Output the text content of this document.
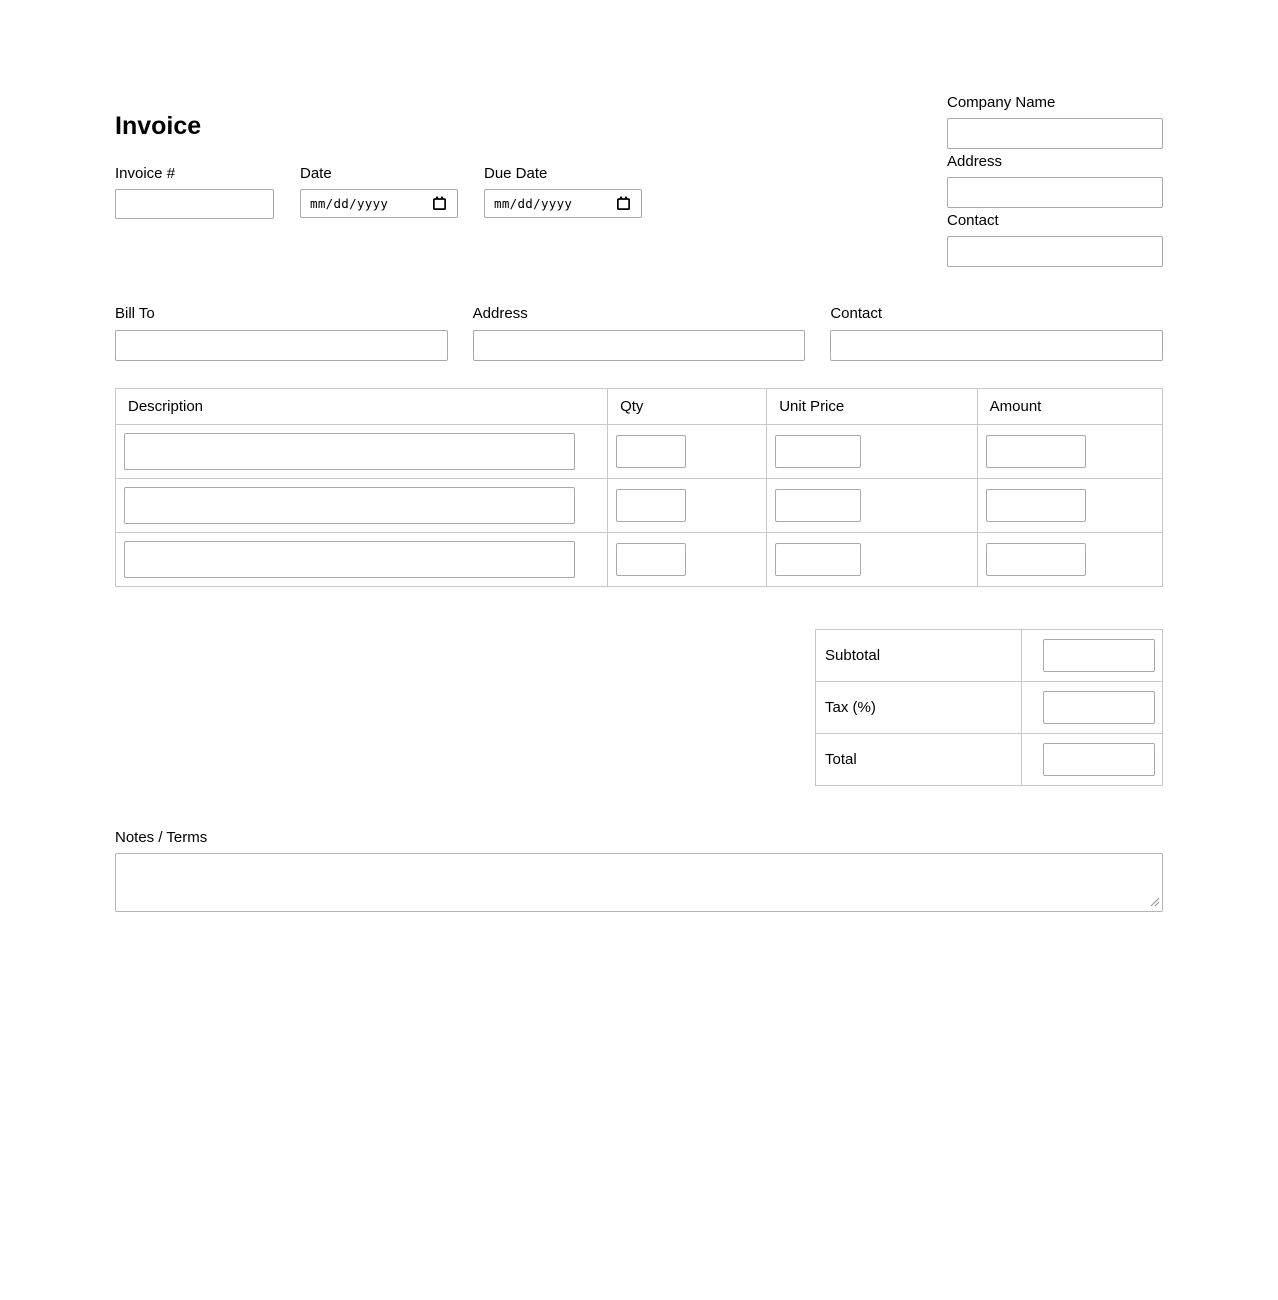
Invoice
Invoice #	Date
mm/dd/yyyy
Due Date
mm/dd/yyyy
Company Name
Address
Contact
Bill To	Address	Contact
Description	Qty	Unit Price	Amount

Subtotal	

Tax (%)	

Total	
Notes / Terms
